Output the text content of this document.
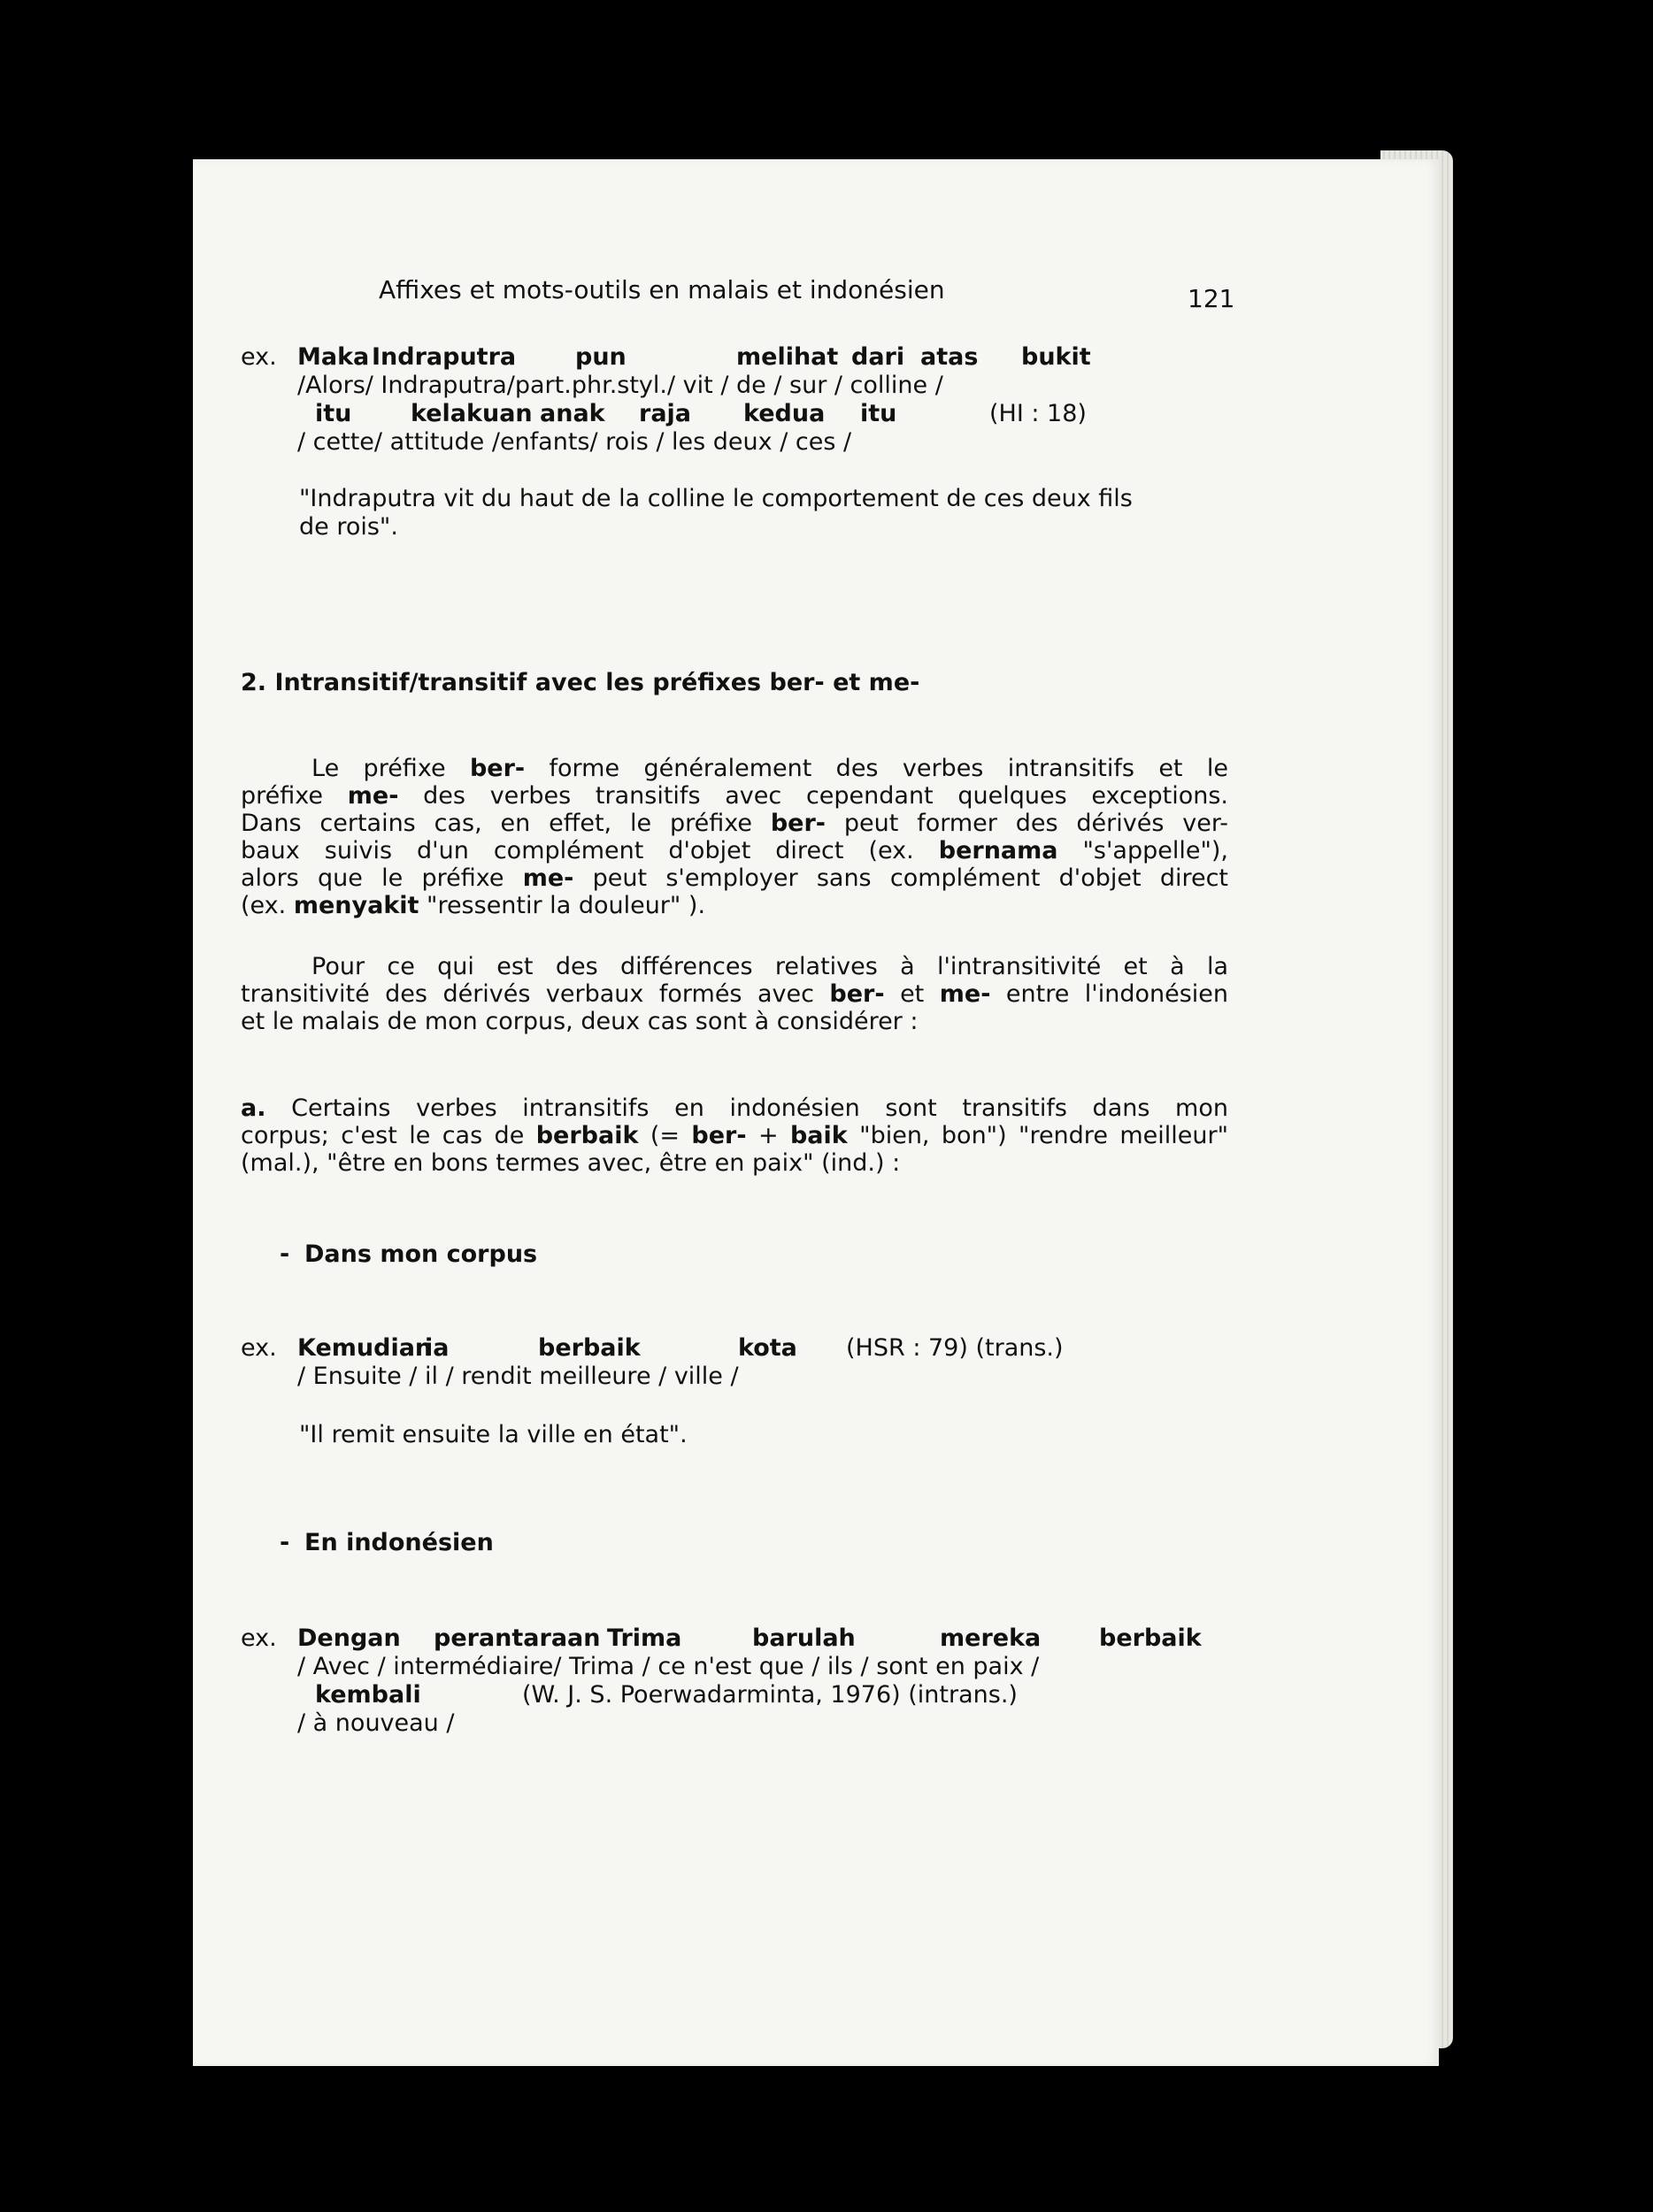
Affixes et mots-outils en malais et indonésien	121
ex. Maka Indraputra pun	melihat dari atas bukit
/Alors/ Indraputra/part.phr.styl./ vit / de / sur / colline /
itu kelakuan anak raja kedua itu	(HI : 18)
/ cette/ attitude /enfants/ rois / les deux / ces /
"Indraputra vit du haut de la colline le comportement de ces deux fils
de rois".
2. Intransitif/transitif avec les préfixes ber- et me-
Le préfixe ber- forme généralement des verbes intransitifs et le
préfixe me- des verbes transitifs avec cependant quelques exceptions.
Dans certains cas, en effet, le préfixe ber- peut former des dérivés ver-
baux suivis d'un complément d'objet direct (ex. bernama "s'appelle"),
alors que le préfixe me- peut s'employer sans complément d'objet direct
(ex. menyakit "ressentir la douleur" ).
Pour ce qui est des différences relatives à l'intransitivité et à la
transitivité des dérivés verbaux formés avec ber- et me- entre l'indonésien
et le malais de mon corpus, deux cas sont à considérer :
a. Certains verbes intransitifs en indonésien sont transitifs dans mon
corpus; c'est le cas de berbaik (= ber- + baik "bien, bon") "rendre meilleur"
(mal.), "être en bons termes avec, être en paix" (ind.) :
- Dans mon corpus
ex. Kemudian
ia	berbaik	kota (HSR : 79) (trans.)
/ Ensuite / il / rendit meilleure / ville /
"Il remit ensuite la ville en état".
- En indonésien
ex. Dengan perantaraan Trima	barulah	mereka berbaik
/ Avec / intermédiaire/ Trima / ce n'est que / ils / sont en paix /
kembali	(W. J. S. Poerwadarminta, 1976) (intrans.)
/ à nouveau /
